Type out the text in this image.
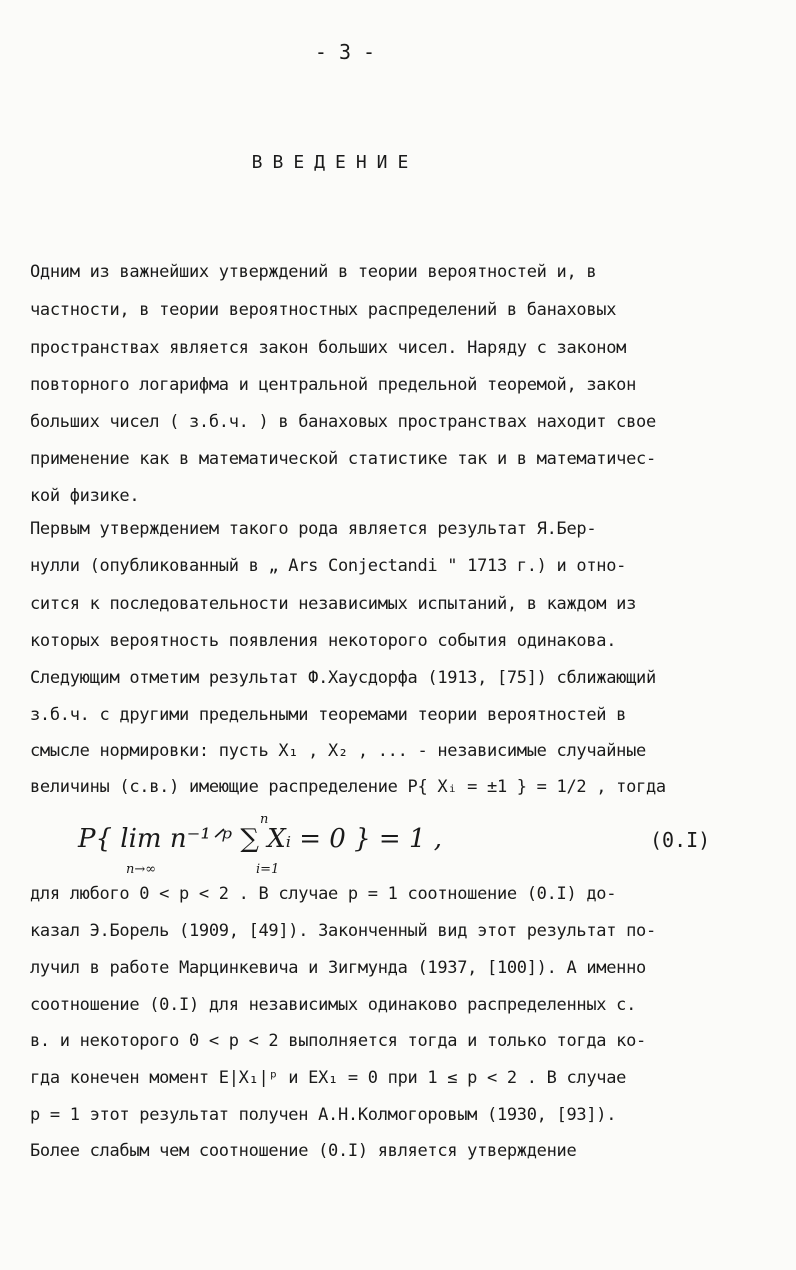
- 3 -
ВВЕДЕНИЕ
Одним из важнейших утверждений в теории вероятностей и, в
частности, в теории вероятностных распределений в банаховых
пространствах является закон больших чисел. Наряду с законом
повторного логарифма и центральной предельной теоремой, закон
больших чисел ( з.б.ч. ) в банаховых пространствах находит свое
применение как в математической статистике так и в математичес-
кой физике.
Первым утверждением такого рода является результат Я.Бер-
нулли (опубликованный в „ Ars Conjectandi " 1713 г.) и отно-
сится к последовательности независимых испытаний, в каждом из
которых вероятность появления некоторого события одинакова.
Следующим отметим результат Ф.Хаусдорфа (1913, [75]) сближающий
з.б.ч. с другими предельными теоремами теории вероятностей в
смысле нормировки: пусть X₁ , X₂ , ... - независимые случайные
величины (с.в.) имеющие распределение P{ Xᵢ = ±1 } = 1/2 , тогда
P{ lim n⁻¹ᐟᵖ ∑ Xᵢ = 0 } = 1 ,
n→∞
n
i=1
(0.I)
для любого 0 < p < 2 . В случае p = 1 соотношение (0.I) до-
казал Э.Борель (1909, [49]). Законченный вид этот результат по-
лучил в работе Марцинкевича и Зигмунда (1937, [100]). А именно
соотношение (0.I) для независимых одинаково распределенных с.
в. и некоторого 0 < p < 2 выполняется тогда и только тогда ко-
гда конечен момент E|X₁|ᵖ и EX₁ = 0 при 1 ≤ p < 2 . В случае
p = 1 этот результат получен А.Н.Колмогоровым (1930, [93]).
Более слабым чем соотношение (0.I) является утверждение
